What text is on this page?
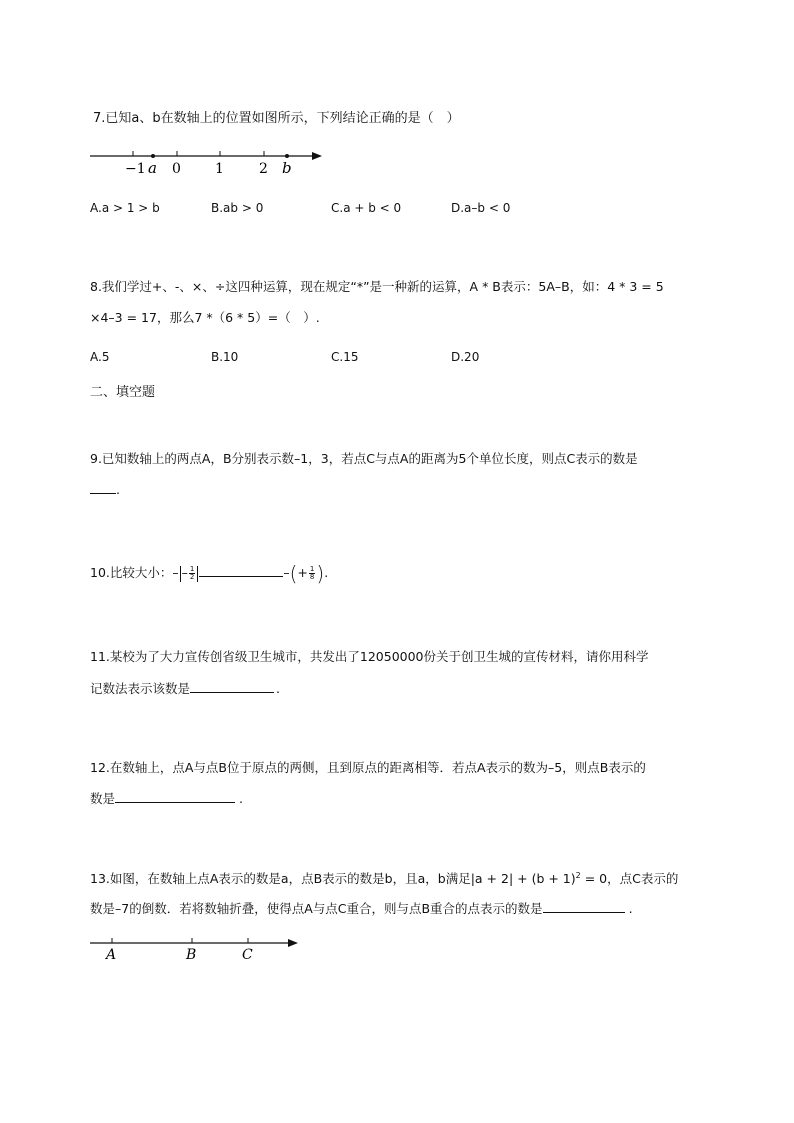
7.已知a、b在数轴上的位置如图所示，下列结论正确的是（　）
−1 a 0 1	2 b
A.a > 1 > b	B.ab > 0	C.a + b < 0	D.a–b < 0
8.我们学过+、-、×、÷这四种运算，现在规定“*”是一种新的运算，A * B表示：5A–B，如：4 * 3 = 5
×4–3 = 17，那么7 *（6 * 5）=（　）.
A.5	B.10	C.15	D.20
二、填空题
9.已知数轴上的两点A，B分别表示数–1，3，若点C与点A的距离为5个单位长度，则点C表示的数是
.
10.比较大小：– – $\frac{1}{2}$	–(+ $\frac{1}{8}$ ).
11.某校为了大力宣传创省级卫生城市，共发出了12050000份关于创卫生城的宣传材料，请你用科学
记数法表示该数是	.
12.在数轴上，点A与点B位于原点的两侧，且到原点的距离相等．若点A表示的数为–5，则点B表示的
数是	.
13.如图，在数轴上点A表示的数是a，点B表示的数是b，且a，b满足$|a + 2| + (b + 1)^2 = 0$，点C表示的
数是–7的倒数．若将数轴折叠，使得点A与点C重合，则与点B重合的点表示的数是	.
A	B	C
